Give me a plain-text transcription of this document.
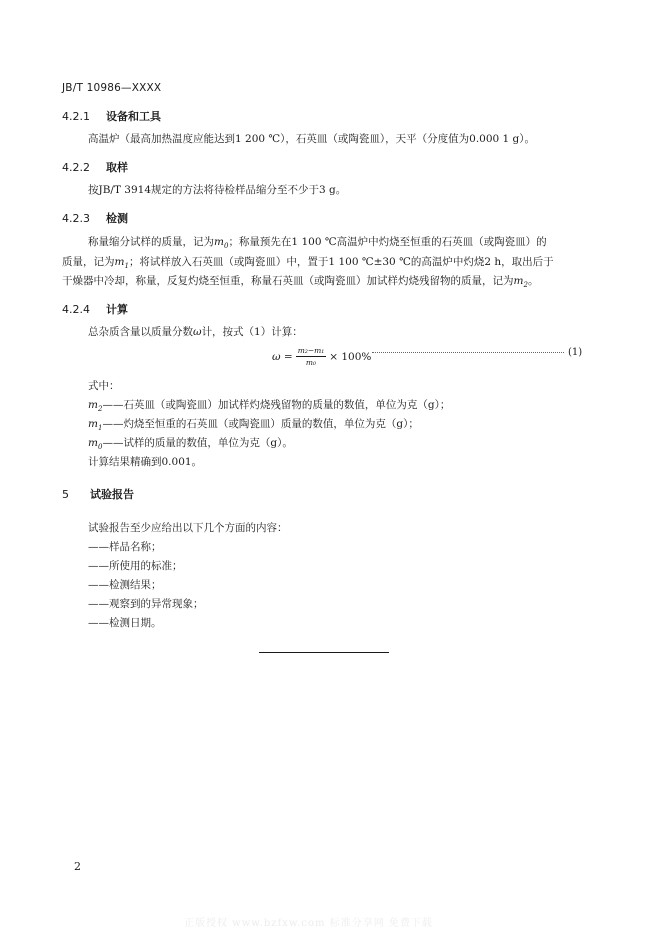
JB/T 10986—XXXX
4.2.1 设备和工具
高温炉（最高加热温度应能达到1 200 ℃），石英皿（或陶瓷皿），天平（分度值为0.000 1 g）。
4.2.2 取样
按JB/T 3914规定的方法将待检样品缩分至不少于3 g。
4.2.3 检测
称量缩分试样的质量，记为$m_0$；称量预先在1 100 ℃高温炉中灼烧至恒重的石英皿（或陶瓷皿）的
质量，记为$m_1$；将试样放入石英皿（或陶瓷皿）中，置于1 100 ℃±30 ℃的高温炉中灼烧2 h，取出后于
干燥器中冷却，称量，反复灼烧至恒重，称量石英皿（或陶瓷皿）加试样灼烧残留物的质量，记为$m_2$。
4.2.4 计算
总杂质含量以质量分数ω计，按式（1）计算：
$\omega = \frac{\text{m₂−m₁}}{\text{m₀}} \times 100\%$	(1)
式中：
$m_2——$石英皿（或陶瓷皿）加试样灼烧残留物的质量的数值，单位为克（g）；
$m_1——$灼烧至恒重的石英皿（或陶瓷皿）质量的数值，单位为克（g）；
$m_0——$试样的质量的数值，单位为克（g）。
计算结果精确到0.001。
5 试验报告
试验报告至少应给出以下几个方面的内容：
——样品名称；
——所使用的标准；
——检测结果；
——观察到的异常现象；
——检测日期。
2
正版授权 www.bzfxw.com 标准分享网 免费下载
